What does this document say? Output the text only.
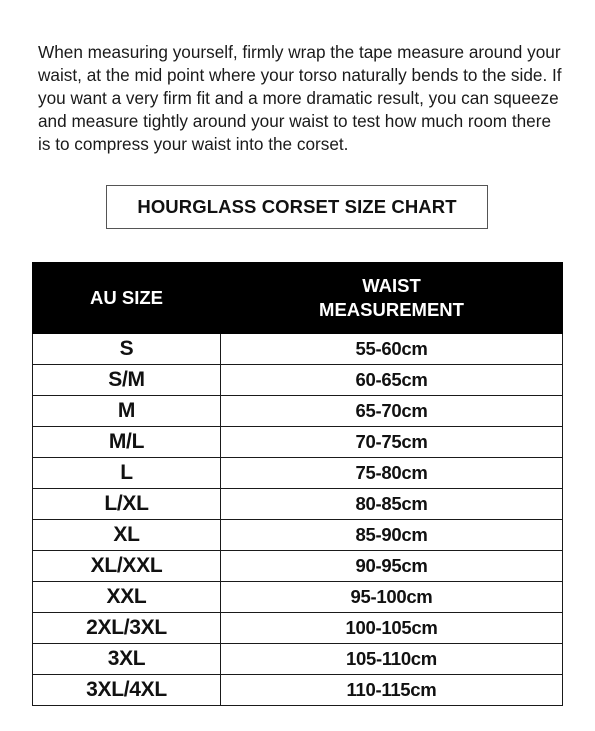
When measuring yourself, firmly wrap the tape measure around your waist, at the mid point where your torso naturally bends to the side. If you want a very firm fit and a more dramatic result, you can squeeze and measure tightly around your waist to test how much room there is to compress your waist into the corset.

HOURGLASS CORSET SIZE CHART
AU SIZE	WAIST
MEASUREMENT
S	55-60cm
S/M	60-65cm
M	65-70cm
M/L	70-75cm
L	75-80cm
L/XL	80-85cm
XL	85-90cm
XL/XXL	90-95cm
XXL	95-100cm
2XL/3XL	100-105cm
3XL	105-110cm
3XL/4XL	110-115cm
